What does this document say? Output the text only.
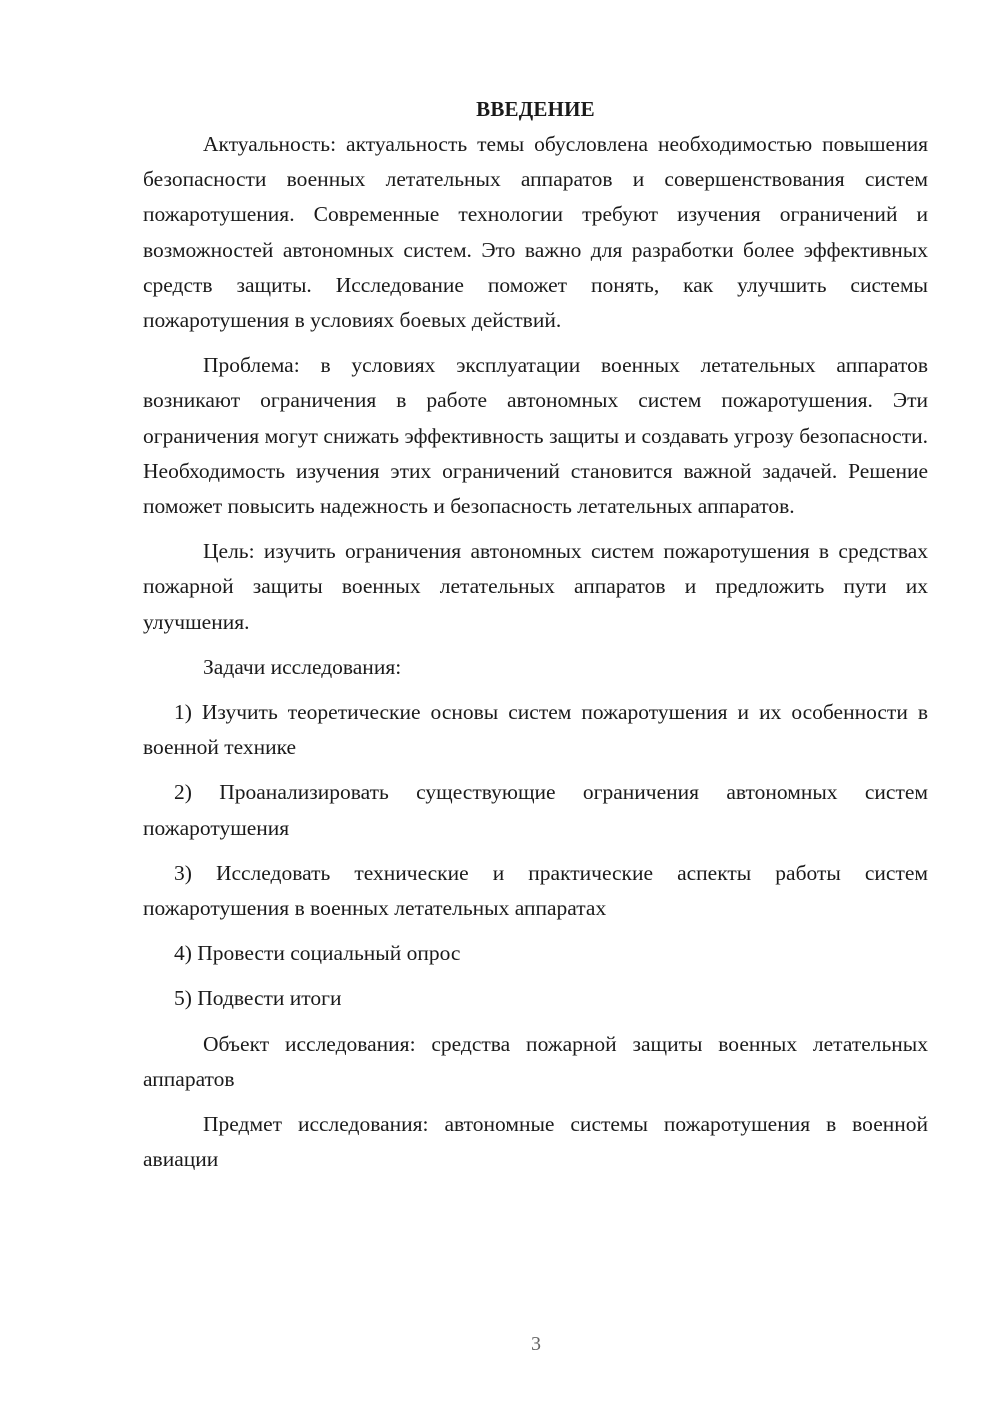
ВВЕДЕНИЕ

Актуальность: актуальность темы обусловлена необходимостью повышения безопасности военных летательных аппаратов и совершенствования систем пожаротушения. Современные технологии требуют изучения ограничений и возможностей автономных систем. Это важно для разработки более эффективных средств защиты. Исследование поможет понять, как улучшить системы пожаротушения в условиях боевых действий.

Проблема: в условиях эксплуатации военных летательных аппаратов возникают ограничения в работе автономных систем пожаротушения. Эти ограничения могут снижать эффективность защиты и создавать угрозу безопасности. Необходимость изучения этих ограничений становится важной задачей. Решение поможет повысить надежность и безопасность летательных аппаратов.

Цель: изучить ограничения автономных систем пожаротушения в средствах пожарной защиты военных летательных аппаратов и предложить пути их улучшения.

Задачи исследования:

1) Изучить теоретические основы систем пожаротушения и их особенности в военной технике

2) Проанализировать существующие ограничения автономных систем пожаротушения

3) Исследовать технические и практические аспекты работы систем пожаротушения в военных летательных аппаратах

4) Провести социальный опрос

5) Подвести итоги

Объект исследования: средства пожарной защиты военных летательных аппаратов

Предмет исследования: автономные системы пожаротушения в военной авиации

3
